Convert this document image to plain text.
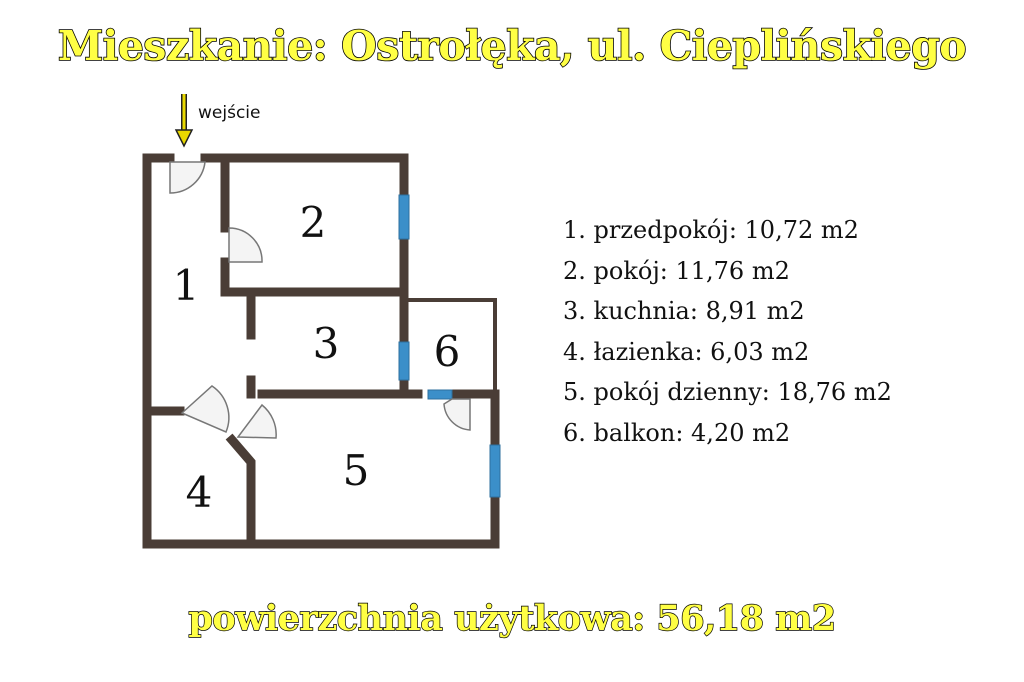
Mieszkanie: Ostrołęka, ul. Cieplińskiego
wejście
1
2
3
4	5
6
1. przedpokój: 10,72 m2
2. pokój: 11,76 m2
3. kuchnia: 8,91 m2
4. łazienka: 6,03 m2
5. pokój dzienny: 18,76 m2
6. balkon: 4,20 m2
powierzchnia użytkowa: 56,18 m2
